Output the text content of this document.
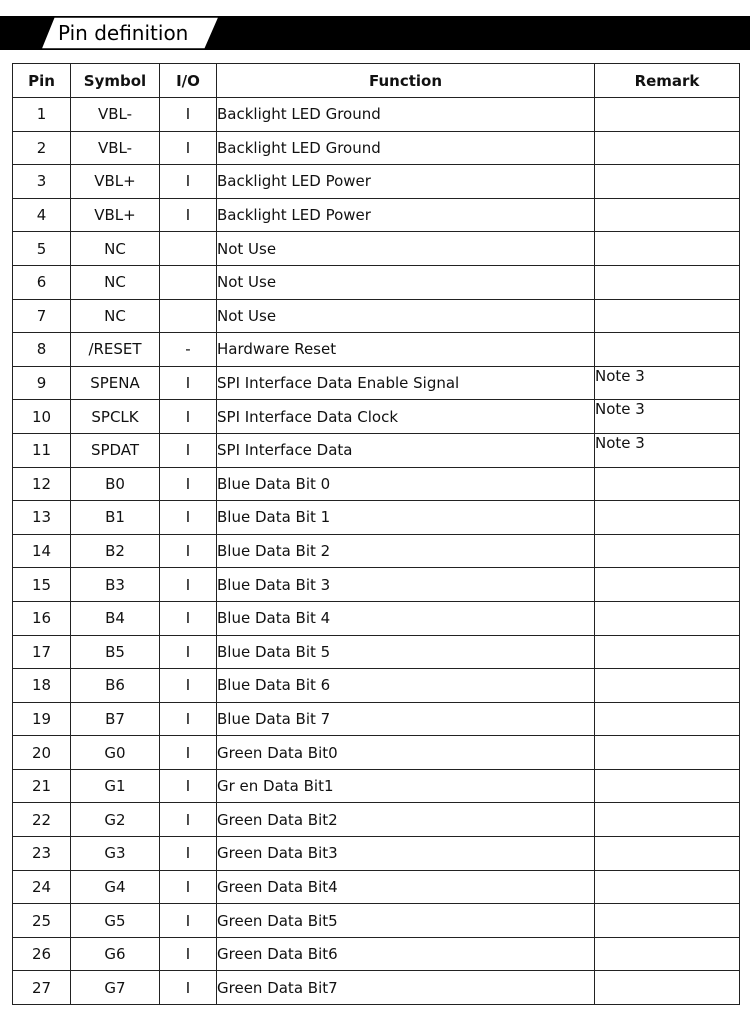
Pin definition
Pin	Symbol	I/O	Function	Remark
1	VBL-	I	Backlight LED Ground	
2	VBL-	I	Backlight LED Ground	
3	VBL+	I	Backlight LED Power	
4	VBL+	I	Backlight LED Power	
5	NC		Not Use	
6	NC		Not Use	
7	NC		Not Use	
8	/RESET	-	Hardware Reset	
9	SPENA	I	SPI Interface Data Enable Signal	Note 3
10	SPCLK	I	SPI Interface Data Clock	Note 3
11	SPDAT	I	SPI Interface Data	Note 3
12	B0	I	Blue Data Bit 0	
13	B1	I	Blue Data Bit 1	
14	B2	I	Blue Data Bit 2	
15	B3	I	Blue Data Bit 3	
16	B4	I	Blue Data Bit 4	
17	B5	I	Blue Data Bit 5	
18	B6	I	Blue Data Bit 6	
19	B7	I	Blue Data Bit 7	
20	G0	I	Green Data Bit0	
21	G1	I	Gr en Data Bit1	
22	G2	I	Green Data Bit2	
23	G3	I	Green Data Bit3	
24	G4	I	Green Data Bit4	
25	G5	I	Green Data Bit5	
26	G6	I	Green Data Bit6	
27	G7	I	Green Data Bit7	
